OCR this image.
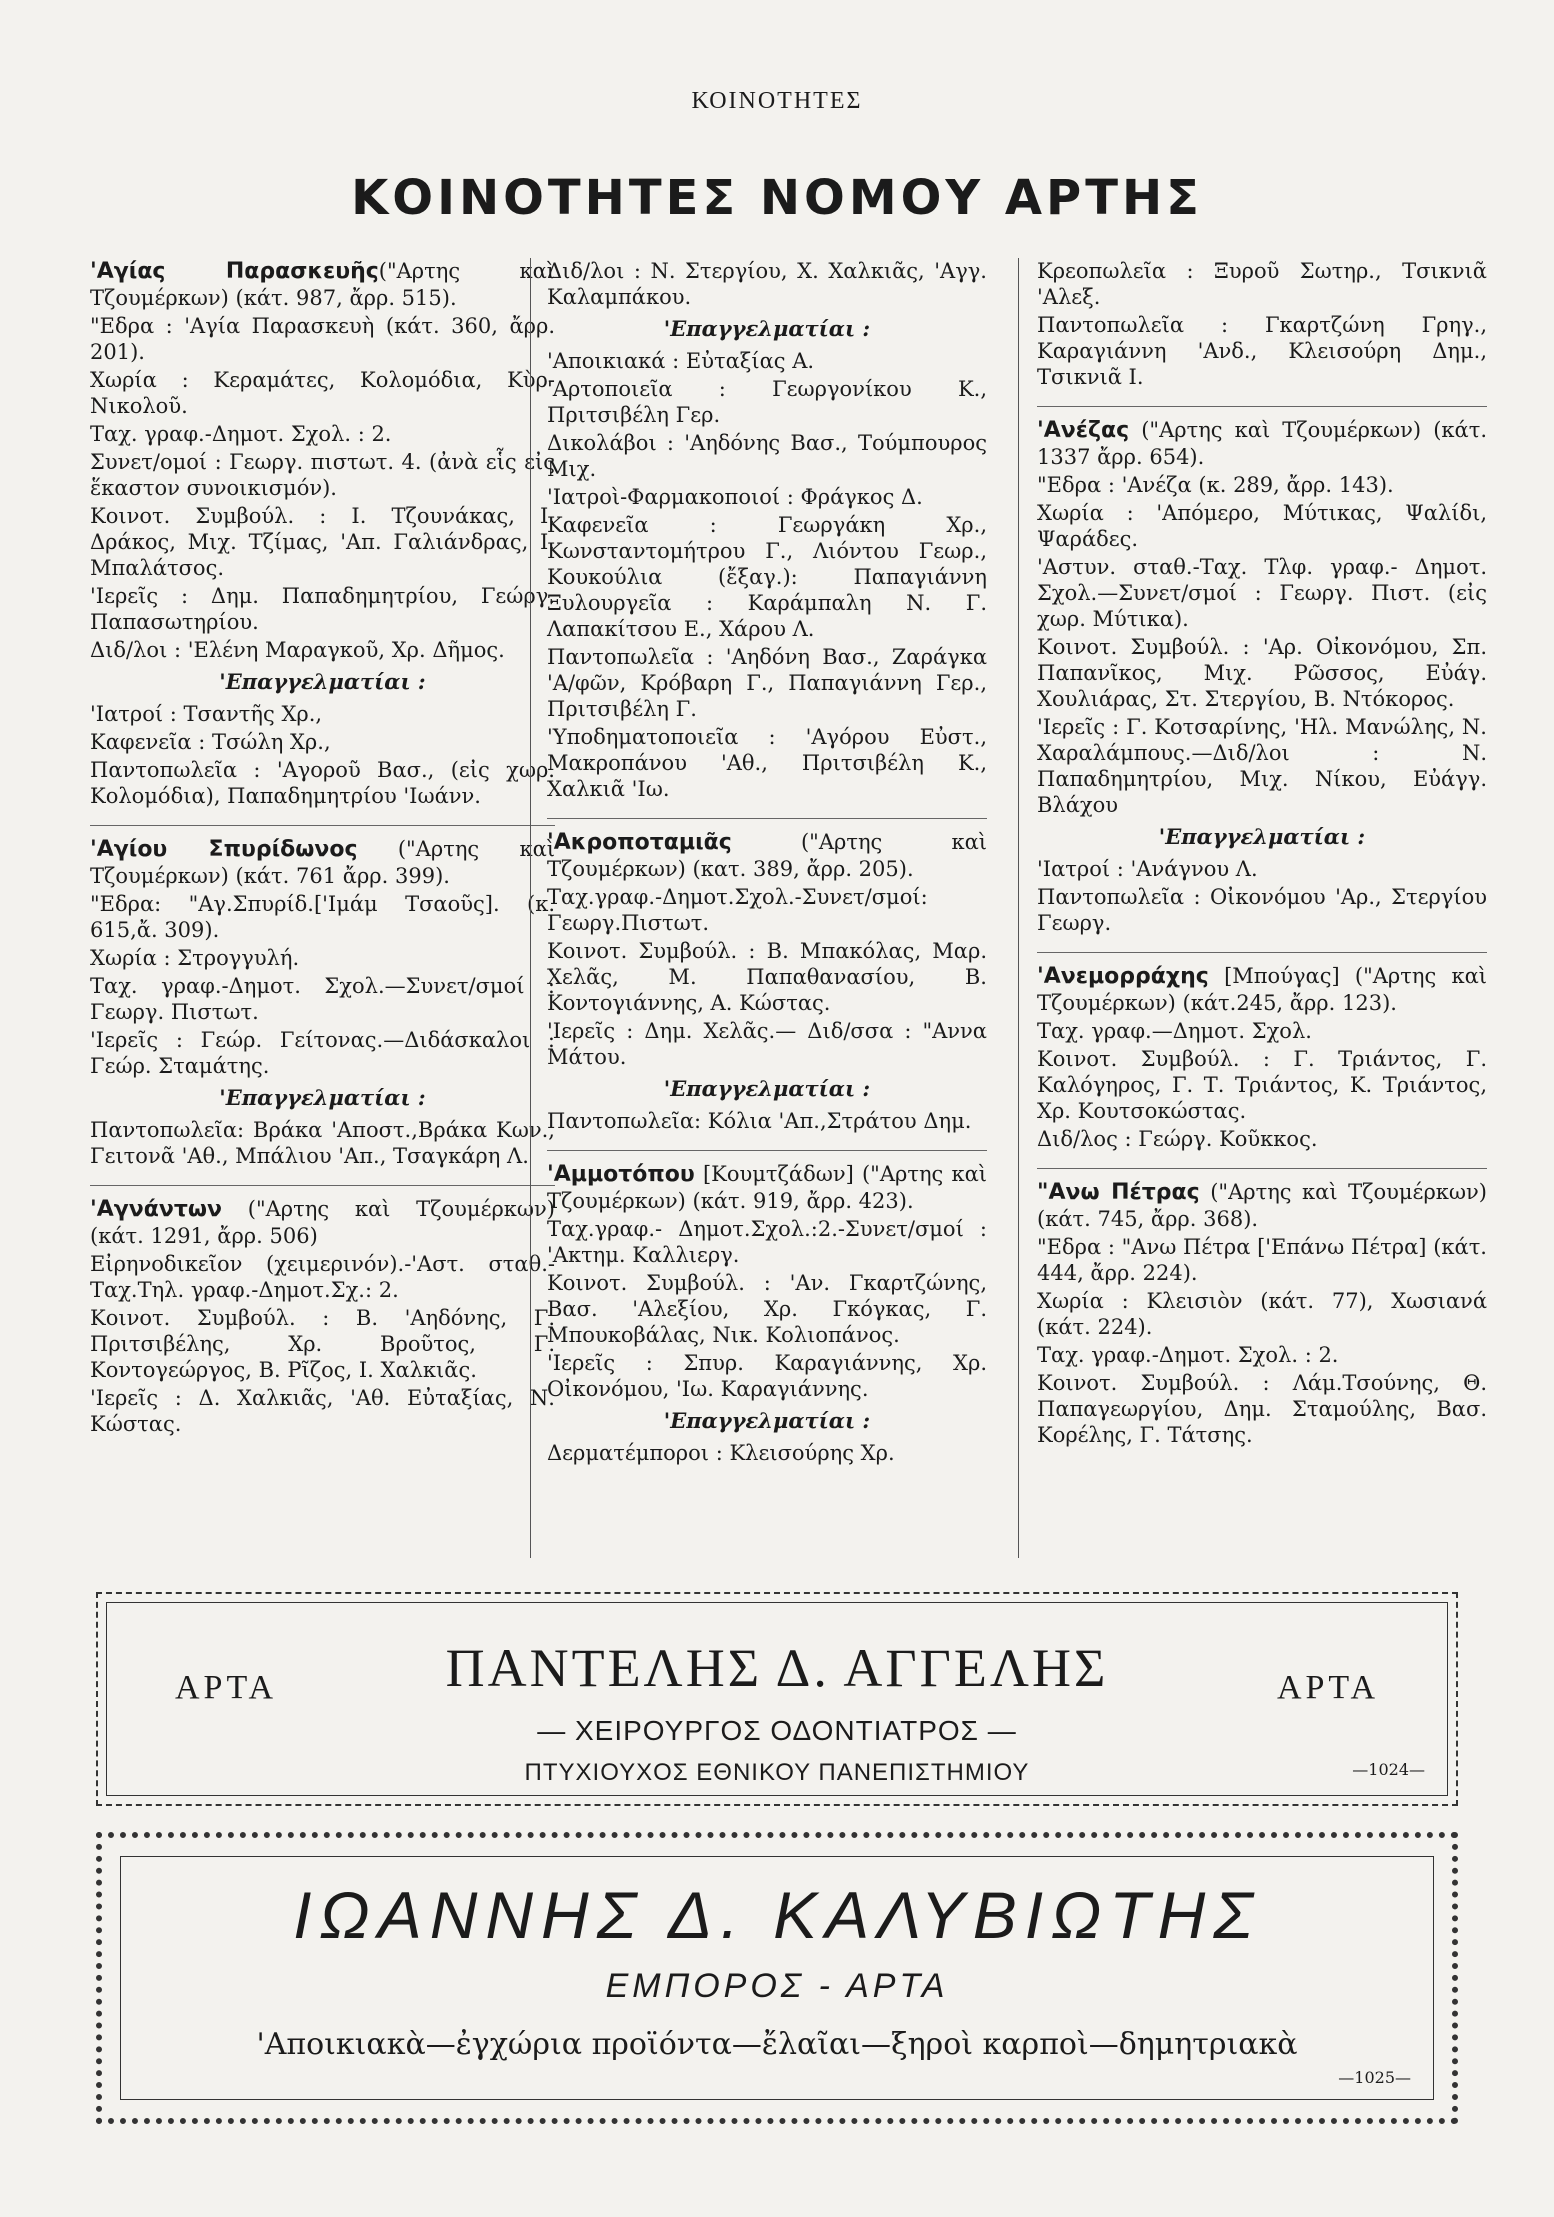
ΚΟΙΝΟΤΗΤΕΣ
ΚΟΙΝΟΤΗΤΕΣ ΝΟΜΟΥ ΑΡΤΗΣ

'Αγίας Παρασκευῆς("Αρτης καὶ Τζουμέρκων) (κάτ. 987, ἄρρ. 515).

"Εδρα : 'Αγία Παρασκευὴ (κάτ. 360, ἄρρ. 201).

Χωρία : Κεραμάτες, Κολομόδια, Κὺρ-Νικολοῦ.

Ταχ. γραφ.-Δημοτ. Σχολ. : 2.

Συνετ/ομοί : Γεωργ. πιστωτ. 4. (ἀνὰ εἷς εἰς ἕκαστον συνοικισμόν).

Κοινοτ. Συμβούλ. : Ι. Τζουνάκας, Ι. Δράκος, Μιχ. Τζίμας, 'Απ. Γαλιάνδρας, Ι. Μπαλάτσος.

'Ιερεῖς : Δημ. Παπαδημητρίου, Γεώργ. Παπασωτηρίου.

Διδ/λοι : 'Ελένη Μαραγκοῦ, Χρ. Δῆμος.

'Επαγγελματίαι :

'Ιατροί : Τσαντῆς Χρ.,

Καφενεῖα : Τσώλη Χρ.,

Παντοπωλεῖα : 'Αγοροῦ Βασ., (εἰς χωρ. Κολομόδια), Παπαδημητρίου 'Ιωάνν.

'Αγίου Σπυρίδωνος ("Αρτης καὶ Τζουμέρκων) (κάτ. 761 ἄρρ. 399).

"Εδρα: "Αγ.Σπυρίδ.['Ιμάμ Τσαοῦς]. (κ. 615,ἄ. 309).

Χωρία : Στρογγυλή.

Ταχ. γραφ.-Δημοτ. Σχολ.—Συνετ/σμοί : Γεωργ. Πιστωτ.

'Ιερεῖς : Γεώρ. Γείτονας.—Διδάσκαλοι : Γεώρ. Σταμάτης.

'Επαγγελματίαι :

Παντοπωλεῖα: Βράκα 'Αποστ.,Βράκα Κων., Γειτονᾶ 'Αθ., Μπάλιου 'Απ., Τσαγκάρη Λ.

'Αγνάντων ("Αρτης καὶ Τζουμέρκων) (κάτ. 1291, ἄρρ. 506)

Εἰρηνοδικεῖον (χειμερινόν).-'Αστ. σταθ.-Ταχ.Τηλ. γραφ.-Δημοτ.Σχ.: 2.

Κοινοτ. Συμβούλ. : Β. 'Αηδόνης, Γ. Πριτσιβέλης, Χρ. Βροῦτος, Γ. Κοντογεώργος, Β. Ρῖζος, Ι. Χαλκιᾶς.

'Ιερεῖς : Δ. Χαλκιᾶς, 'Αθ. Εὐταξίας, Ν. Κώστας.

Διδ/λοι : Ν. Στεργίου, Χ. Χαλκιᾶς, 'Αγγ. Καλαμπάκου.

'Επαγγελματίαι :

'Αποικιακά : Εὐταξίας Α.

'Αρτοποιεῖα : Γεωργονίκου Κ., Πριτσιβέλη Γερ.

Δικολάβοι : 'Αηδόνης Βασ., Τούμπουρος Μιχ.

'Ιατροὶ-Φαρμακοποιοί : Φράγκος Δ.

Καφενεῖα : Γεωργάκη Χρ., Κωνσταντομήτρου Γ., Λιόντου Γεωρ., Κουκούλια (ἔξαγ.): Παπαγιάννη Ξυλουργεῖα : Καράμπαλη Ν. Γ. Λαπακίτσου Ε., Χάρου Λ.

Παντοπωλεῖα : 'Αηδόνη Βασ., Ζαράγκα 'Α/φῶν, Κρόβαρη Γ., Παπαγιάννη Γερ., Πριτσιβέλη Γ.

'Υποδηματοποιεῖα : 'Αγόρου Εὐστ., Μακροπάνου 'Αθ., Πριτσιβέλη Κ., Χαλκιᾶ 'Ιω.

'Ακροποταμιᾶς	("Αρτης καὶ Τζουμέρκων) (κατ. 389, ἄρρ. 205).

Ταχ.γραφ.-Δημοτ.Σχολ.-Συνετ/σμοί: Γεωργ.Πιστωτ.

Κοινοτ. Συμβούλ. : Β. Μπακόλας, Μαρ. Χελᾶς, Μ. Παπαθανασίου, Β. Κοντογιάννης, Α. Κώστας.

'Ιερεῖς : Δημ. Χελᾶς.— Διδ/σσα : "Αννα Μάτου.

'Επαγγελματίαι :

Παντοπωλεῖα: Κόλια 'Απ.,Στράτου Δημ.

'Αμμοτόπου [Κουμτζάδων] ("Αρτης καὶ Τζουμέρκων) (κάτ. 919, ἄρρ. 423).

Ταχ.γραφ.- Δημοτ.Σχολ.:2.-Συνετ/σμοί : 'Ακτημ. Καλλιεργ.

Κοινοτ. Συμβούλ. : 'Αν. Γκαρτζώνης, Βασ. 'Αλεξίου, Χρ. Γκόγκας, Γ. Μπουκοβάλας, Νικ. Κολιοπάνος.

'Ιερεῖς : Σπυρ. Καραγιάννης, Χρ. Οἰκονόμου, 'Ιω. Καραγιάννης.

'Επαγγελματίαι :

Δερματέμποροι : Κλεισούρης Χρ.

Κρεοπωλεῖα : Ξυροῦ Σωτηρ., Τσικνιᾶ 'Αλεξ.

Παντοπωλεῖα : Γκαρτζώνη Γρηγ., Καραγιάννη 'Ανδ., Κλεισούρη Δημ., Τσικνιᾶ Ι.

'Ανέζας ("Αρτης καὶ Τζουμέρκων) (κάτ. 1337 ἄρρ. 654).

"Εδρα : 'Ανέζα (κ. 289, ἄρρ. 143).

Χωρία : 'Απόμερο, Μύτικας, Ψαλίδι, Ψαράδες.

'Αστυν. σταθ.-Ταχ. Τλφ. γραφ.- Δημοτ. Σχολ.—Συνετ/σμοί : Γεωργ. Πιστ. (εἰς χωρ. Μύτικα).

Κοινοτ. Συμβούλ. : 'Αρ. Οἰκονόμου, Σπ. Παπανῖκος, Μιχ. Ρῶσσος, Εὐάγ. Χουλιάρας, Στ. Στεργίου, Β. Ντόκορος.

'Ιερεῖς : Γ. Κοτσαρίνης, 'Ηλ. Μανώλης, Ν. Χαραλάμπους.—Διδ/λοι : Ν. Παπαδημητρίου, Μιχ. Νίκου, Εὐάγγ. Βλάχου

'Επαγγελματίαι :

'Ιατροί : 'Ανάγνου Λ.

Παντοπωλεῖα : Οἰκονόμου 'Αρ., Στεργίου Γεωργ.

'Ανεμορράχης [Μπούγας] ("Αρτης καὶ Τζουμέρκων) (κάτ.245, ἄρρ. 123).

Ταχ. γραφ.—Δημοτ. Σχολ.

Κοινοτ. Συμβούλ. : Γ. Τριάντος, Γ. Καλόγηρος, Γ. Τ. Τριάντος, Κ. Τριάντος, Χρ. Κουτσοκώστας.

Διδ/λος : Γεώργ. Κοῦκκος.

"Ανω Πέτρας ("Αρτης καὶ Τζουμέρκων) (κάτ. 745, ἄρρ. 368).

"Εδρα : "Ανω Πέτρα ['Επάνω Πέτρα] (κάτ. 444, ἄρρ. 224).

Χωρία : Κλεισιὸν (κάτ. 77), Χωσιανά (κάτ. 224).

Ταχ. γραφ.-Δημοτ. Σχολ. : 2.

Κοινοτ. Συμβούλ. : Λάμ.Τσούνης, Θ. Παπαγεωργίου, Δημ. Σταμούλης, Βασ. Κορέλης, Γ. Τάτσης.

ΑΡΤΑ	ΑΡΤΑ
ΠΑΝΤΕΛΗΣ Δ. ΑΓΓΕΛΗΣ
— ΧΕΙΡΟΥΡΓΟΣ ΟΔΟΝΤΙΑΤΡΟΣ —
ΠΤΥΧΙΟΥΧΟΣ ΕΘΝΙΚΟΥ ΠΑΝΕΠΙΣΤΗΜΙΟΥ	—1024—
ΙΩΑΝΝΗΣ Δ. ΚΑΛΥΒΙΩΤΗΣ
ΕΜΠΟΡΟΣ - ΑΡΤΑ
'Αποικιακὰ—ἐγχώρια προϊόντα—ἔλαῖαι—ξηροὶ καρποὶ—δημητριακὰ
—1025—
